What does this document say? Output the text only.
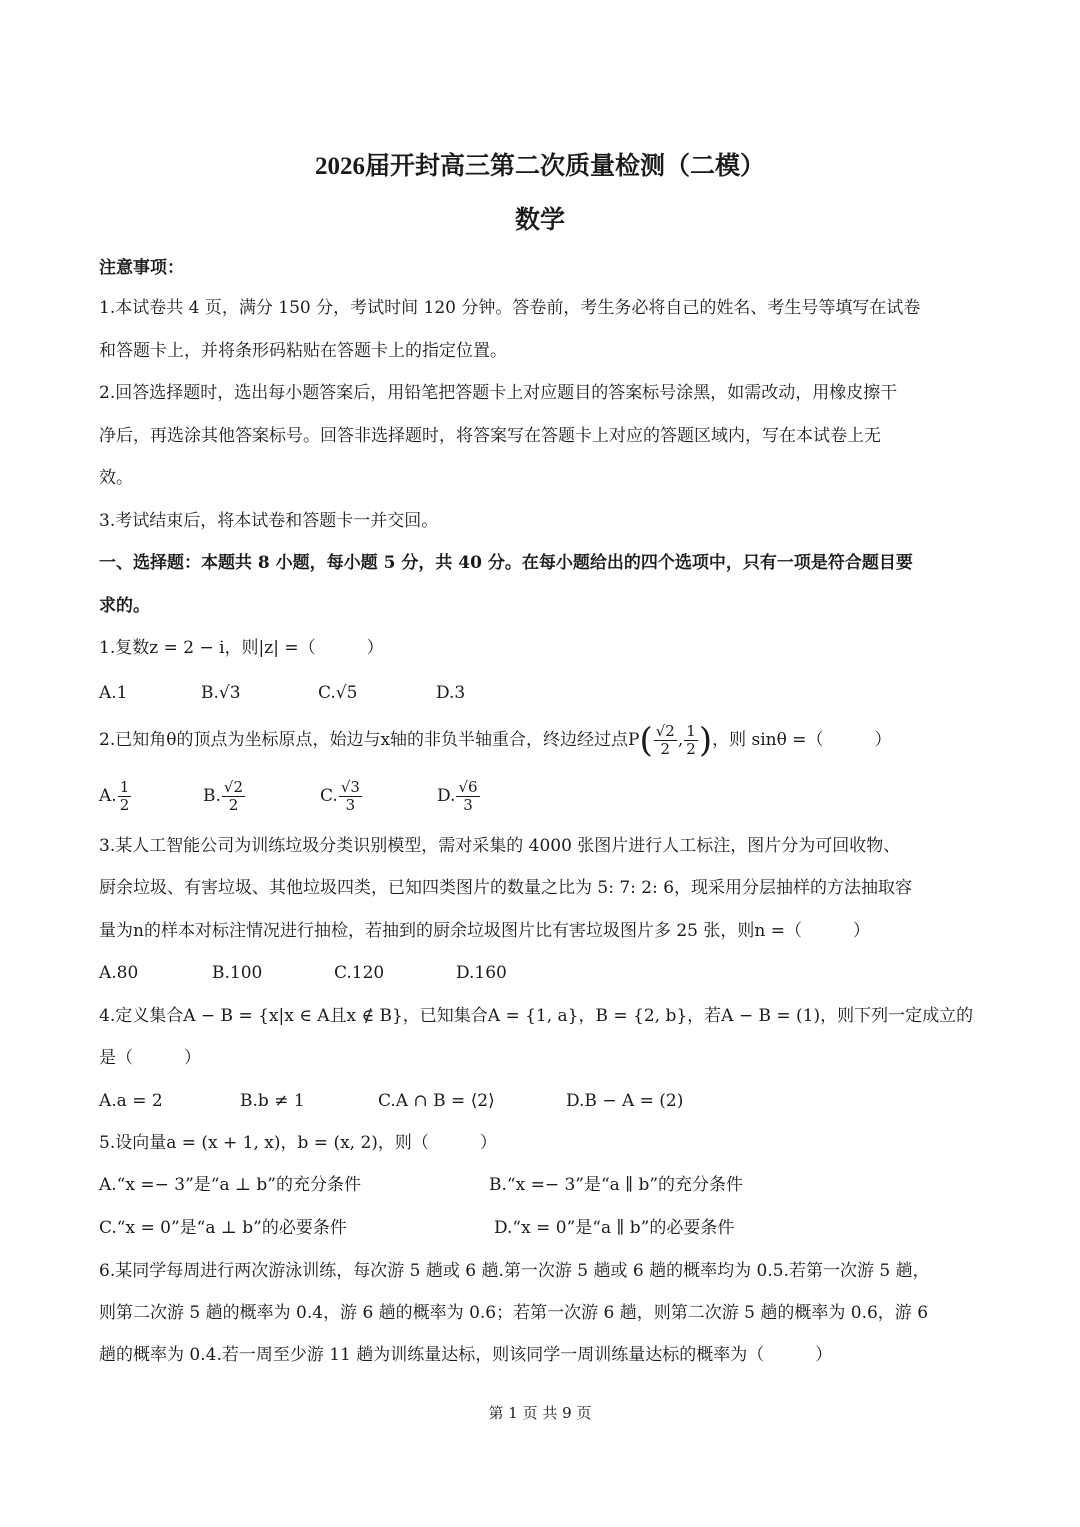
2026届开封高三第二次质量检测（二模）
数学
注意事项：
1.本试卷共 4 页，满分 150 分，考试时间 120 分钟。答卷前，考生务必将自己的姓名、考生号等填写在试卷
和答题卡上，并将条形码粘贴在答题卡上的指定位置。
2.回答选择题时，选出每小题答案后，用铅笔把答题卡上对应题目的答案标号涂黑，如需改动，用橡皮擦干
净后，再选涂其他答案标号。回答非选择题时，将答案写在答题卡上对应的答题区域内，写在本试卷上无
效。
3.考试结束后，将本试卷和答题卡一并交回。
一、选择题：本题共 8 小题，每小题 5 分，共 40 分。在每小题给出的四个选项中，只有一项是符合题目要
求的。
1.复数z = 2 − i，则|z| =（　　　）
A.1	B.√3	C.√5	D.3
2.已知角θ的顶点为坐标原点，始边与x轴的非负半轴重合，终边经过点$P( \frac{√2}{2}$ , $\frac{1}{2}$ )，则 sinθ =（　　　）
A. $\frac{1}{2}$	B. $\frac{√2}{2}$	C. $\frac{√3}{3}$	D. $\frac{√6}{3}$
3.某人工智能公司为训练垃圾分类识别模型，需对采集的 4000 张图片进行人工标注，图片分为可回收物、
厨余垃圾、有害垃圾、其他垃圾四类，已知四类图片的数量之比为 5: 7: 2: 6，现采用分层抽样的方法抽取容
量为n的样本对标注情况进行抽检，若抽到的厨余垃圾图片比有害垃圾图片多 25 张，则n =（　　　）
A.80	B.100	C.120	D.160
4.定义集合A − B = {x|x ∈ A且x ∉ B}，已知集合A = {1, a}，B = {2, b}，若A − B = (1)，则下列一定成立的
是（　　　）
A.a = 2	B.b ≠ 1	C.A ∩ B = ⟨2⟩	D.B − A = (2)
5.设向量a = (x + 1, x)，b = (x, 2)，则（　　　）
A.“x =− 3”是“a ⊥ b”的充分条件	B.“x =− 3”是“a ∥ b”的充分条件
C.“x = 0”是“a ⊥ b”的必要条件	D.“x = 0”是“a ∥ b”的必要条件
6.某同学每周进行两次游泳训练，每次游 5 趟或 6 趟.第一次游 5 趟或 6 趟的概率均为 0.5.若第一次游 5 趟，
则第二次游 5 趟的概率为 0.4，游 6 趟的概率为 0.6；若第一次游 6 趟，则第二次游 5 趟的概率为 0.6，游 6
趟的概率为 0.4.若一周至少游 11 趟为训练量达标，则该同学一周训练量达标的概率为（　　　）
第 1 页 共 9 页
